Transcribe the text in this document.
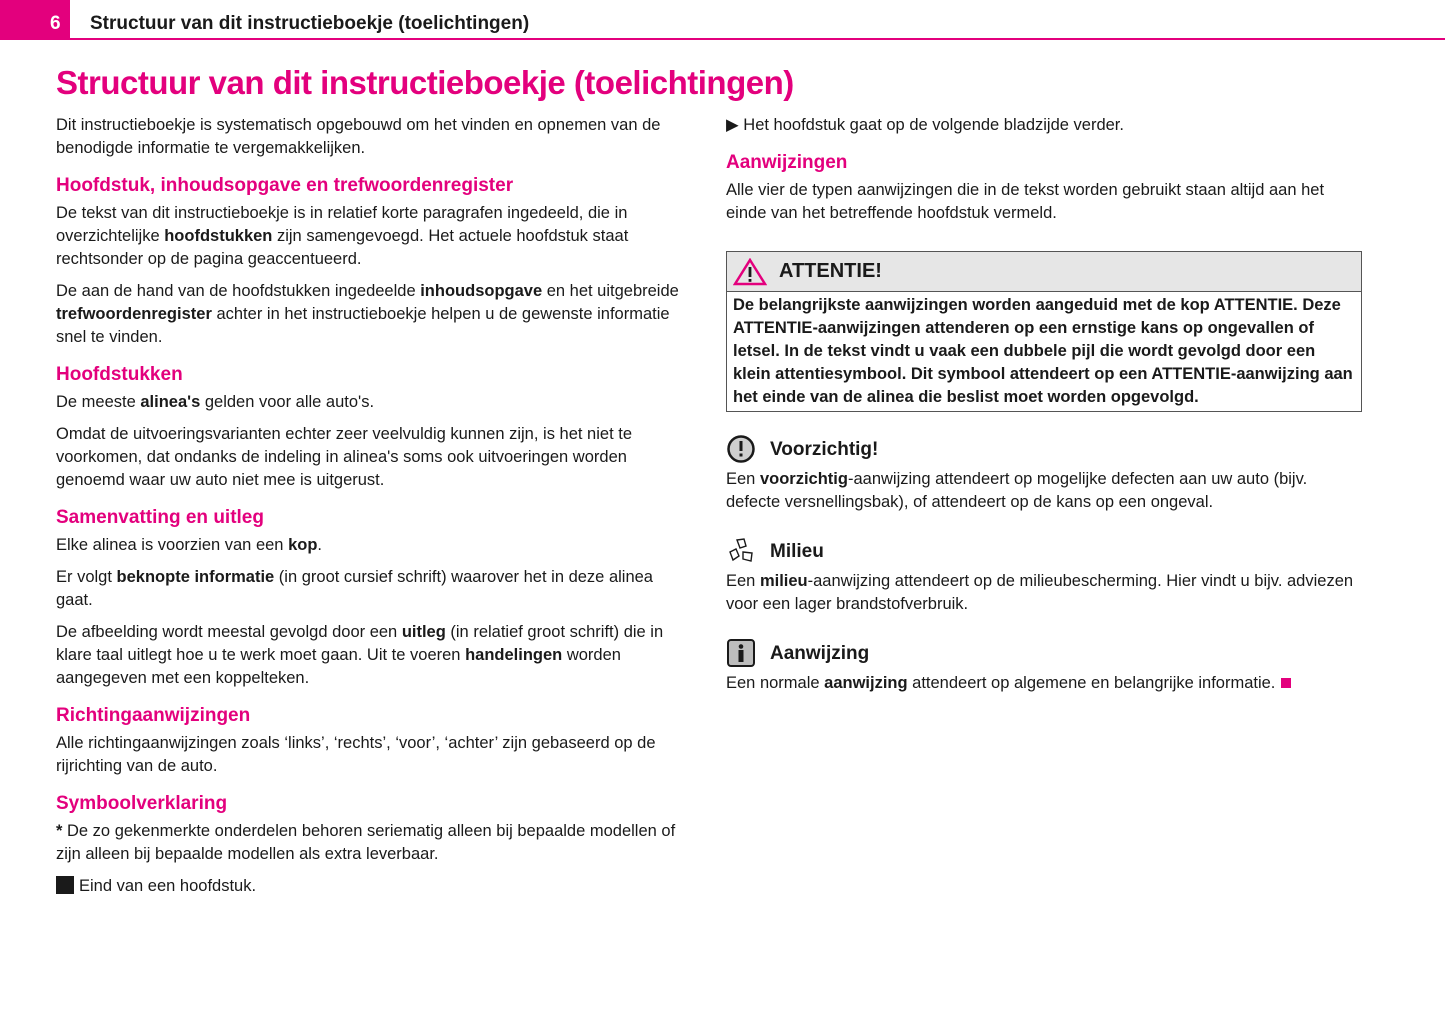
6 Structuur van dit instructieboekje (toelichtingen)
Structuur van dit instructieboekje (toelichtingen)

Dit instructieboekje is systematisch opgebouwd om het vinden en opnemen van de benodigde informatie te vergemakkelijken.

Hoofdstuk, inhoudsopgave en trefwoordenregister

De tekst van dit instructieboekje is in relatief korte paragrafen ingedeeld, die in overzichtelijke hoofdstukken zijn samengevoegd. Het actuele hoofdstuk staat rechtsonder op de pagina geaccentueerd.

De aan de hand van de hoofdstukken ingedeelde inhoudsopgave en het uitgebreide trefwoordenregister achter in het instructieboekje helpen u de gewenste informatie snel te vinden.

Hoofdstukken

De meeste alinea's gelden voor alle auto's.

Omdat de uitvoeringsvarianten echter zeer veelvuldig kunnen zijn, is het niet te voorkomen, dat ondanks de indeling in alinea's soms ook uitvoeringen worden genoemd waar uw auto niet mee is uitgerust.

Samenvatting en uitleg

Elke alinea is voorzien van een kop.

Er volgt beknopte informatie (in groot cursief schrift) waarover het in deze alinea gaat.

De afbeelding wordt meestal gevolgd door een uitleg (in relatief groot schrift) die in klare taal uitlegt hoe u te werk moet gaan. Uit te voeren handelingen worden aangegeven met een koppelteken.

Richtingaanwijzingen

Alle richtingaanwijzingen zoals ‘links’, ‘rechts’, ‘voor’, ‘achter’ zijn gebaseerd op de rijrichting van de auto.

Symboolverklaring

* De zo gekenmerkte onderdelen behoren seriematig alleen bij bepaalde modellen of zijn alleen bij bepaalde modellen als extra leverbaar.

Eind van een hoofdstuk.

▶ Het hoofdstuk gaat op de volgende bladzijde verder.

Aanwijzingen

Alle vier de typen aanwijzingen die in de tekst worden gebruikt staan altijd aan het einde van het betreffende hoofdstuk vermeld.

ATTENTIE!
De belangrijkste aanwijzingen worden aangeduid met de kop ATTENTIE. Deze ATTENTIE-aanwijzingen attenderen op een ernstige kans op ongevallen of letsel. In de tekst vindt u vaak een dubbele pijl die wordt gevolgd door een klein attentiesymbool. Dit symbool attendeert op een ATTENTIE-aanwijzing aan het einde van de alinea die beslist moet worden opgevolgd.
Voorzichtig!

Een voorzichtig-aanwijzing attendeert op mogelijke defecten aan uw auto (bijv. defecte versnellingsbak), of attendeert op de kans op een ongeval.

Milieu

Een milieu-aanwijzing attendeert op de milieubescherming. Hier vindt u bijv. adviezen voor een lager brandstofverbruik.

Aanwijzing

Een normale aanwijzing attendeert op algemene en belangrijke informatie.
